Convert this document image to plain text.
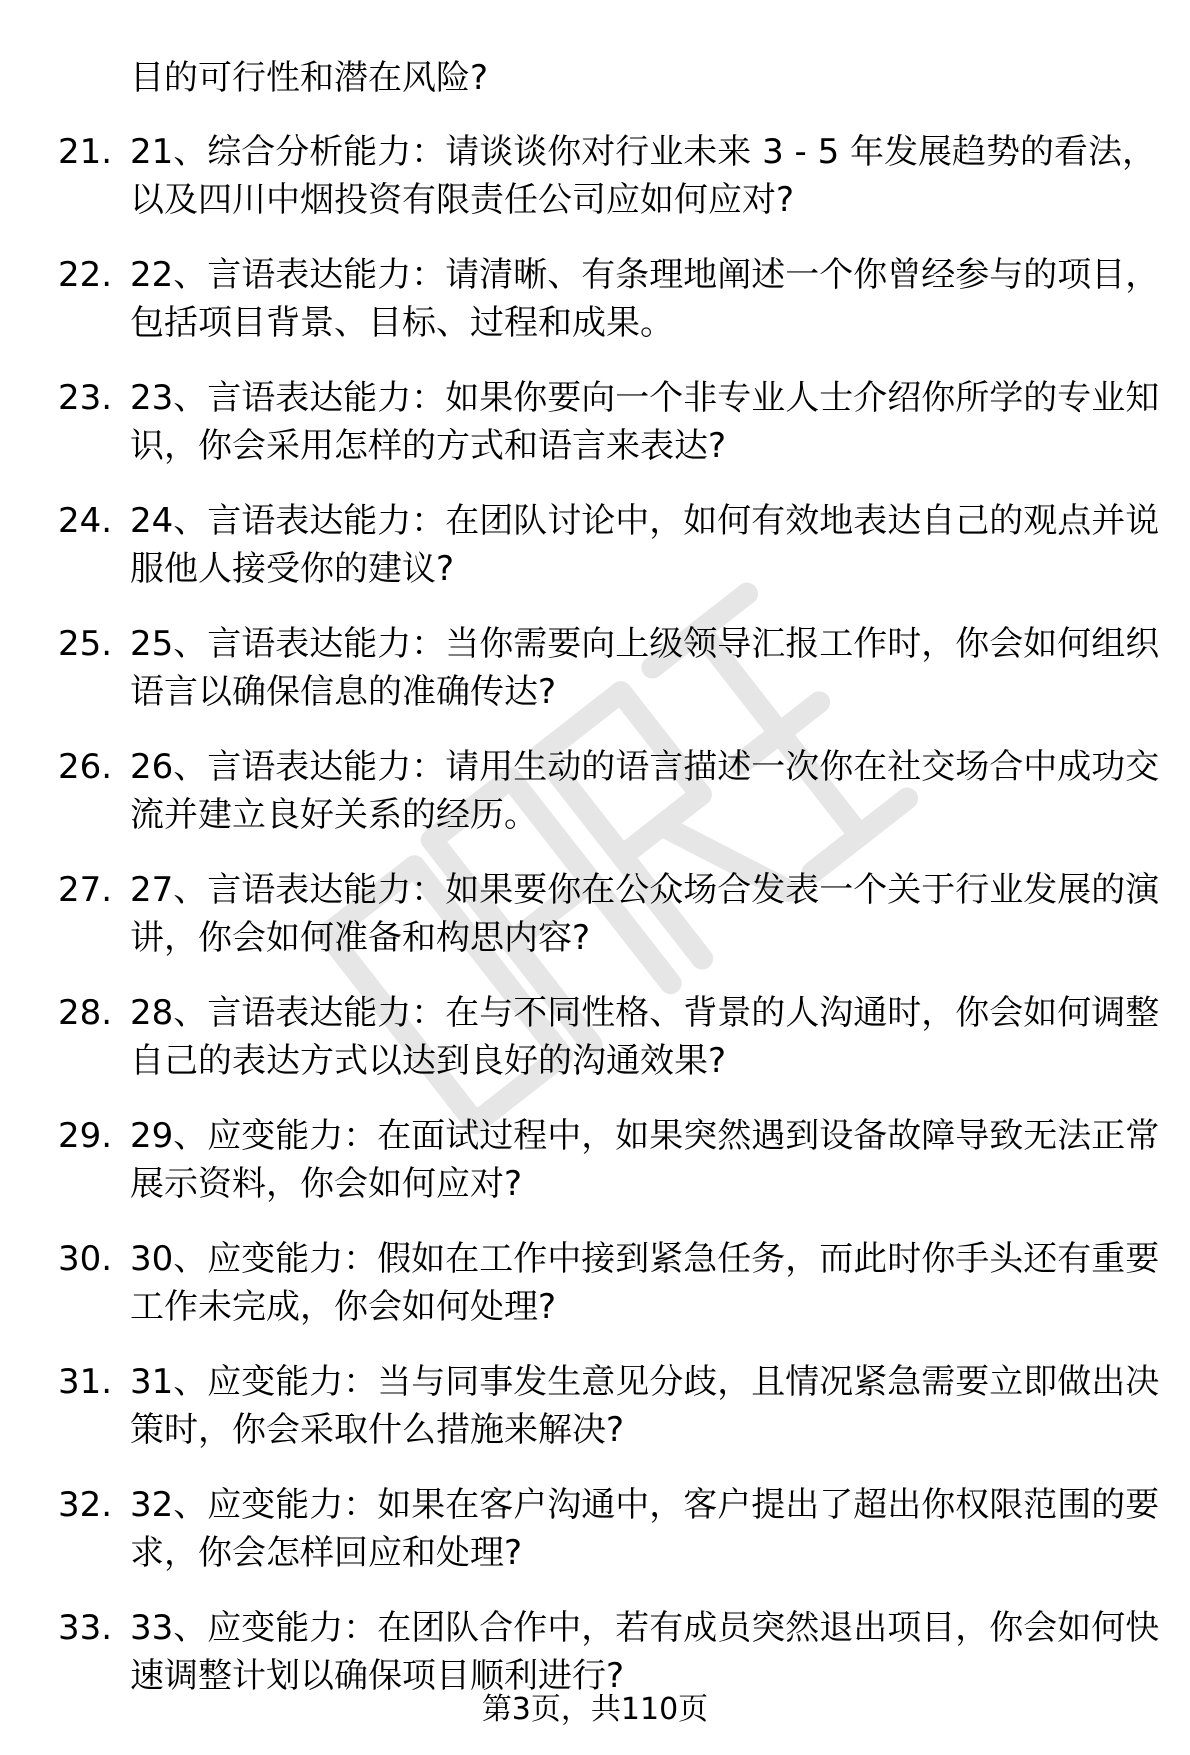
目的可行性和潜在风险?
21. 21、综合分析能力：请谈谈你对行业未来 3 - 5 年发展趋势的看法，以及四川中烟投资有限责任公司应如何应对?
22. 22、言语表达能力：请清晰、有条理地阐述一个你曾经参与的项目，包括项目背景、目标、过程和成果。
23. 23、言语表达能力：如果你要向一个非专业人士介绍你所学的专业知识，你会采用怎样的方式和语言来表达?
24. 24、言语表达能力：在团队讨论中，如何有效地表达自己的观点并说服他人接受你的建议?
25. 25、言语表达能力：当你需要向上级领导汇报工作时，你会如何组织语言以确保信息的准确传达?
26. 26、言语表达能力：请用生动的语言描述一次你在社交场合中成功交流并建立良好关系的经历。
27. 27、言语表达能力：如果要你在公众场合发表一个关于行业发展的演讲，你会如何准备和构思内容?
28. 28、言语表达能力：在与不同性格、背景的人沟通时，你会如何调整自己的表达方式以达到良好的沟通效果?
29. 29、应变能力：在面试过程中，如果突然遇到设备故障导致无法正常展示资料，你会如何应对?
30. 30、应变能力：假如在工作中接到紧急任务，而此时你手头还有重要工作未完成，你会如何处理?
31. 31、应变能力：当与同事发生意见分歧，且情况紧急需要立即做出决策时，你会采取什么措施来解决?
32. 32、应变能力：如果在客户沟通中，客户提出了超出你权限范围的要求，你会怎样回应和处理?
33. 33、应变能力：在团队合作中，若有成员突然退出项目，你会如何快速调整计划以确保项目顺利进行?
第3页，共110页
